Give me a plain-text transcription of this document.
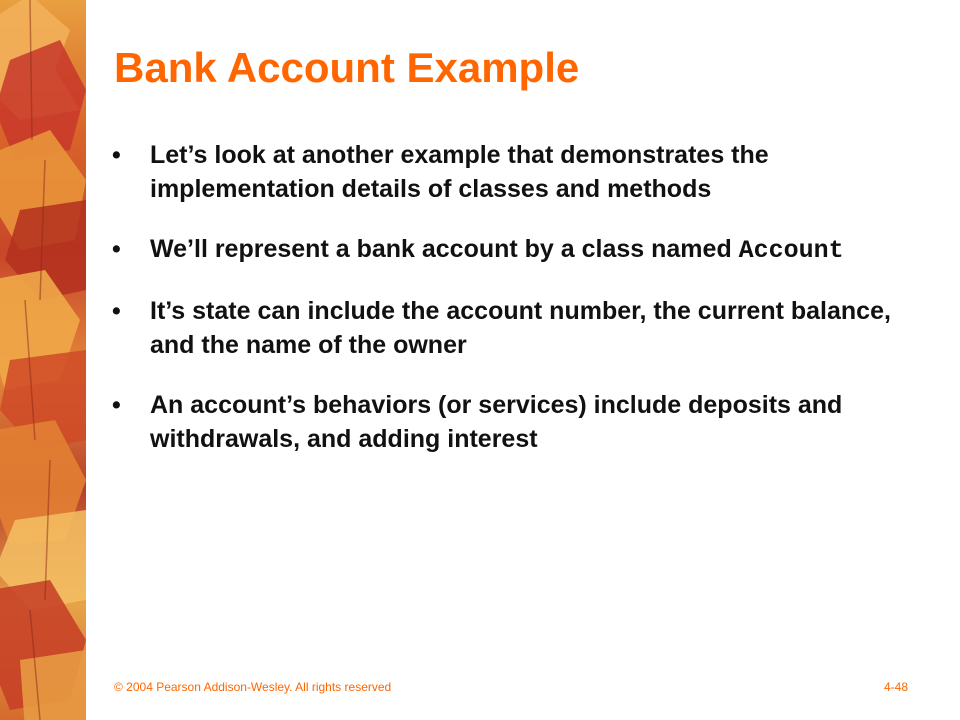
Bank Account Example
• Let’s look at another example that demonstrates the implementation details of classes and methods
• We’ll represent a bank account by a class named Account
• It’s state can include the account number, the current balance, and the name of the owner
• An account’s behaviors (or services) include deposits and withdrawals, and adding interest
© 2004 Pearson Addison-Wesley. All rights reserved	4-48
